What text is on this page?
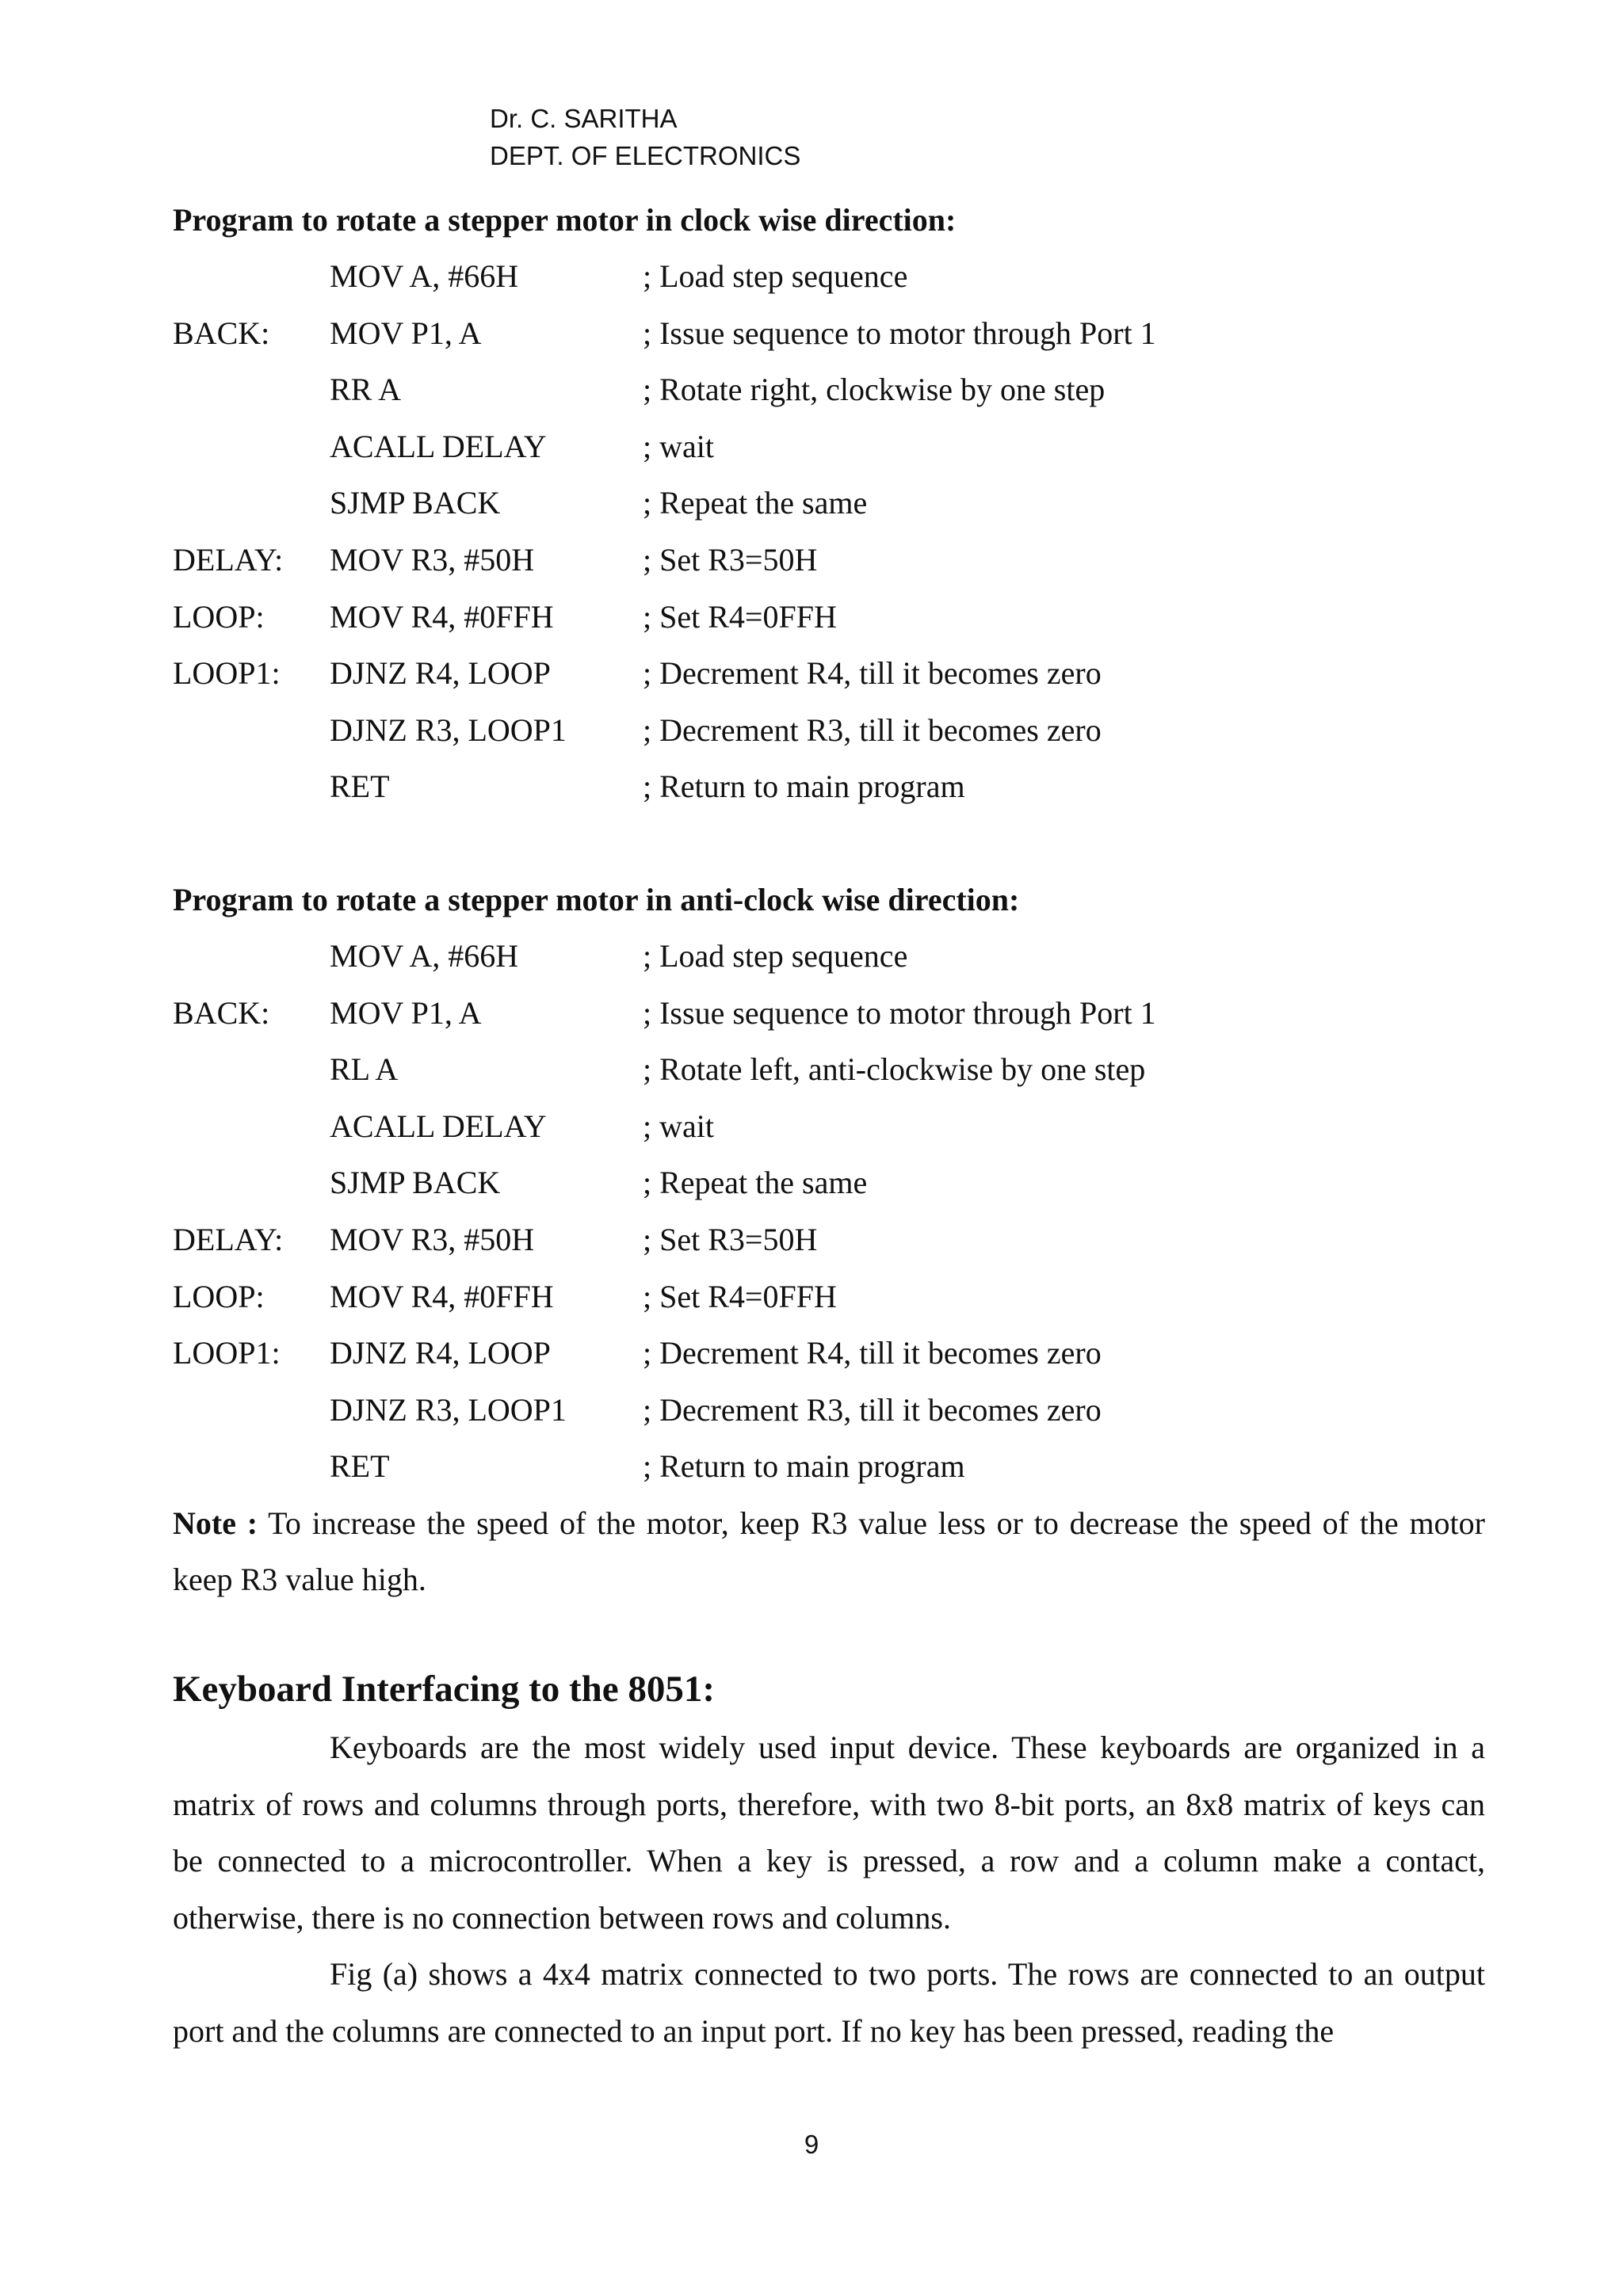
Dr. C. SARITHA
DEPT. OF ELECTRONICS
Program to rotate a stepper motor in clock wise direction:
MOV A, #66H	; Load step sequence
BACK:	MOV P1, A	; Issue sequence to motor through Port 1
RR A	; Rotate right, clockwise by one step
ACALL DELAY	; wait
SJMP BACK	; Repeat the same
DELAY:	MOV R3, #50H	; Set R3=50H
LOOP:	MOV R4, #0FFH	; Set R4=0FFH
LOOP1:	DJNZ R4, LOOP	; Decrement R4, till it becomes zero
DJNZ R3, LOOP1	; Decrement R3, till it becomes zero
RET	; Return to main program
Program to rotate a stepper motor in anti-clock wise direction:
MOV A, #66H	; Load step sequence
BACK:	MOV P1, A	; Issue sequence to motor through Port 1
RL A	; Rotate left, anti-clockwise by one step
ACALL DELAY	; wait
SJMP BACK	; Repeat the same
DELAY:	MOV R3, #50H	; Set R3=50H
LOOP:	MOV R4, #0FFH	; Set R4=0FFH
LOOP1:	DJNZ R4, LOOP	; Decrement R4, till it becomes zero
DJNZ R3, LOOP1	; Decrement R3, till it becomes zero
RET	; Return to main program
Note : To increase the speed of the motor, keep R3 value less or to decrease the speed of the motor keep R3 value high.
Keyboard Interfacing to the 8051:

Keyboards are the most widely used input device. These keyboards are organized in a matrix of rows and columns through ports, therefore, with two 8-bit ports, an 8x8 matrix of keys can be connected to a microcontroller. When a key is pressed, a row and a column make a contact, otherwise, there is no connection between rows and columns.

Fig (a) shows a 4x4 matrix connected to two ports. The rows are connected to an output port and the columns are connected to an input port. If no key has been pressed, reading the

9
